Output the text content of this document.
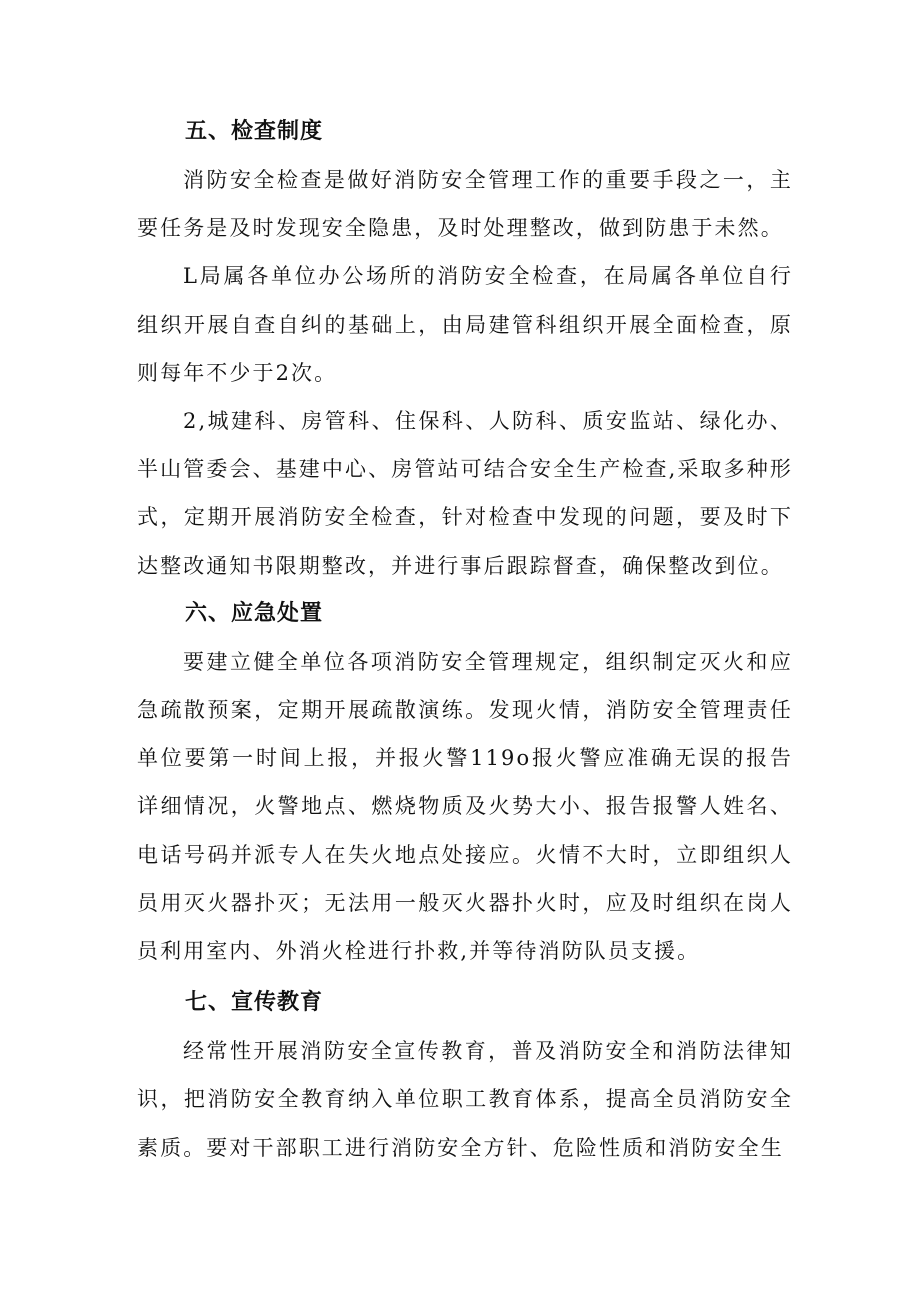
五、检查制度

消防安全检查是做好消防安全管理工作的重要手段之一，主要任务是及时发现安全隐患，及时处理整改，做到防患于未然。

L局属各单位办公场所的消防安全检查，在局属各单位自行组织开展自查自纠的基础上，由局建管科组织开展全面检查，原则每年不少于2次。

2,城建科、房管科、住保科、人防科、质安监站、绿化办、半山管委会、基建中心、房管站可结合安全生产检查,采取多种形式，定期开展消防安全检查，针对检查中发现的问题，要及时下达整改通知书限期整改，并进行事后跟踪督查，确保整改到位。

六、应急处置

要建立健全单位各项消防安全管理规定，组织制定灭火和应急疏散预案，定期开展疏散演练。发现火情，消防安全管理责任单位要第一时间上报，并报火警119o报火警应准确无误的报告详细情况，火警地点、燃烧物质及火势大小、报告报警人姓名、电话号码并派专人在失火地点处接应。火情不大时，立即组织人员用灭火器扑灭；无法用一般灭火器扑火时，应及时组织在岗人员利用室内、外消火栓进行扑救,并等待消防队员支援。

七、宣传教育

经常性开展消防安全宣传教育，普及消防安全和消防法律知识，把消防安全教育纳入单位职工教育体系，提高全员消防安全素质。要对干部职工进行消防安全方针、危险性质和消防安全生
